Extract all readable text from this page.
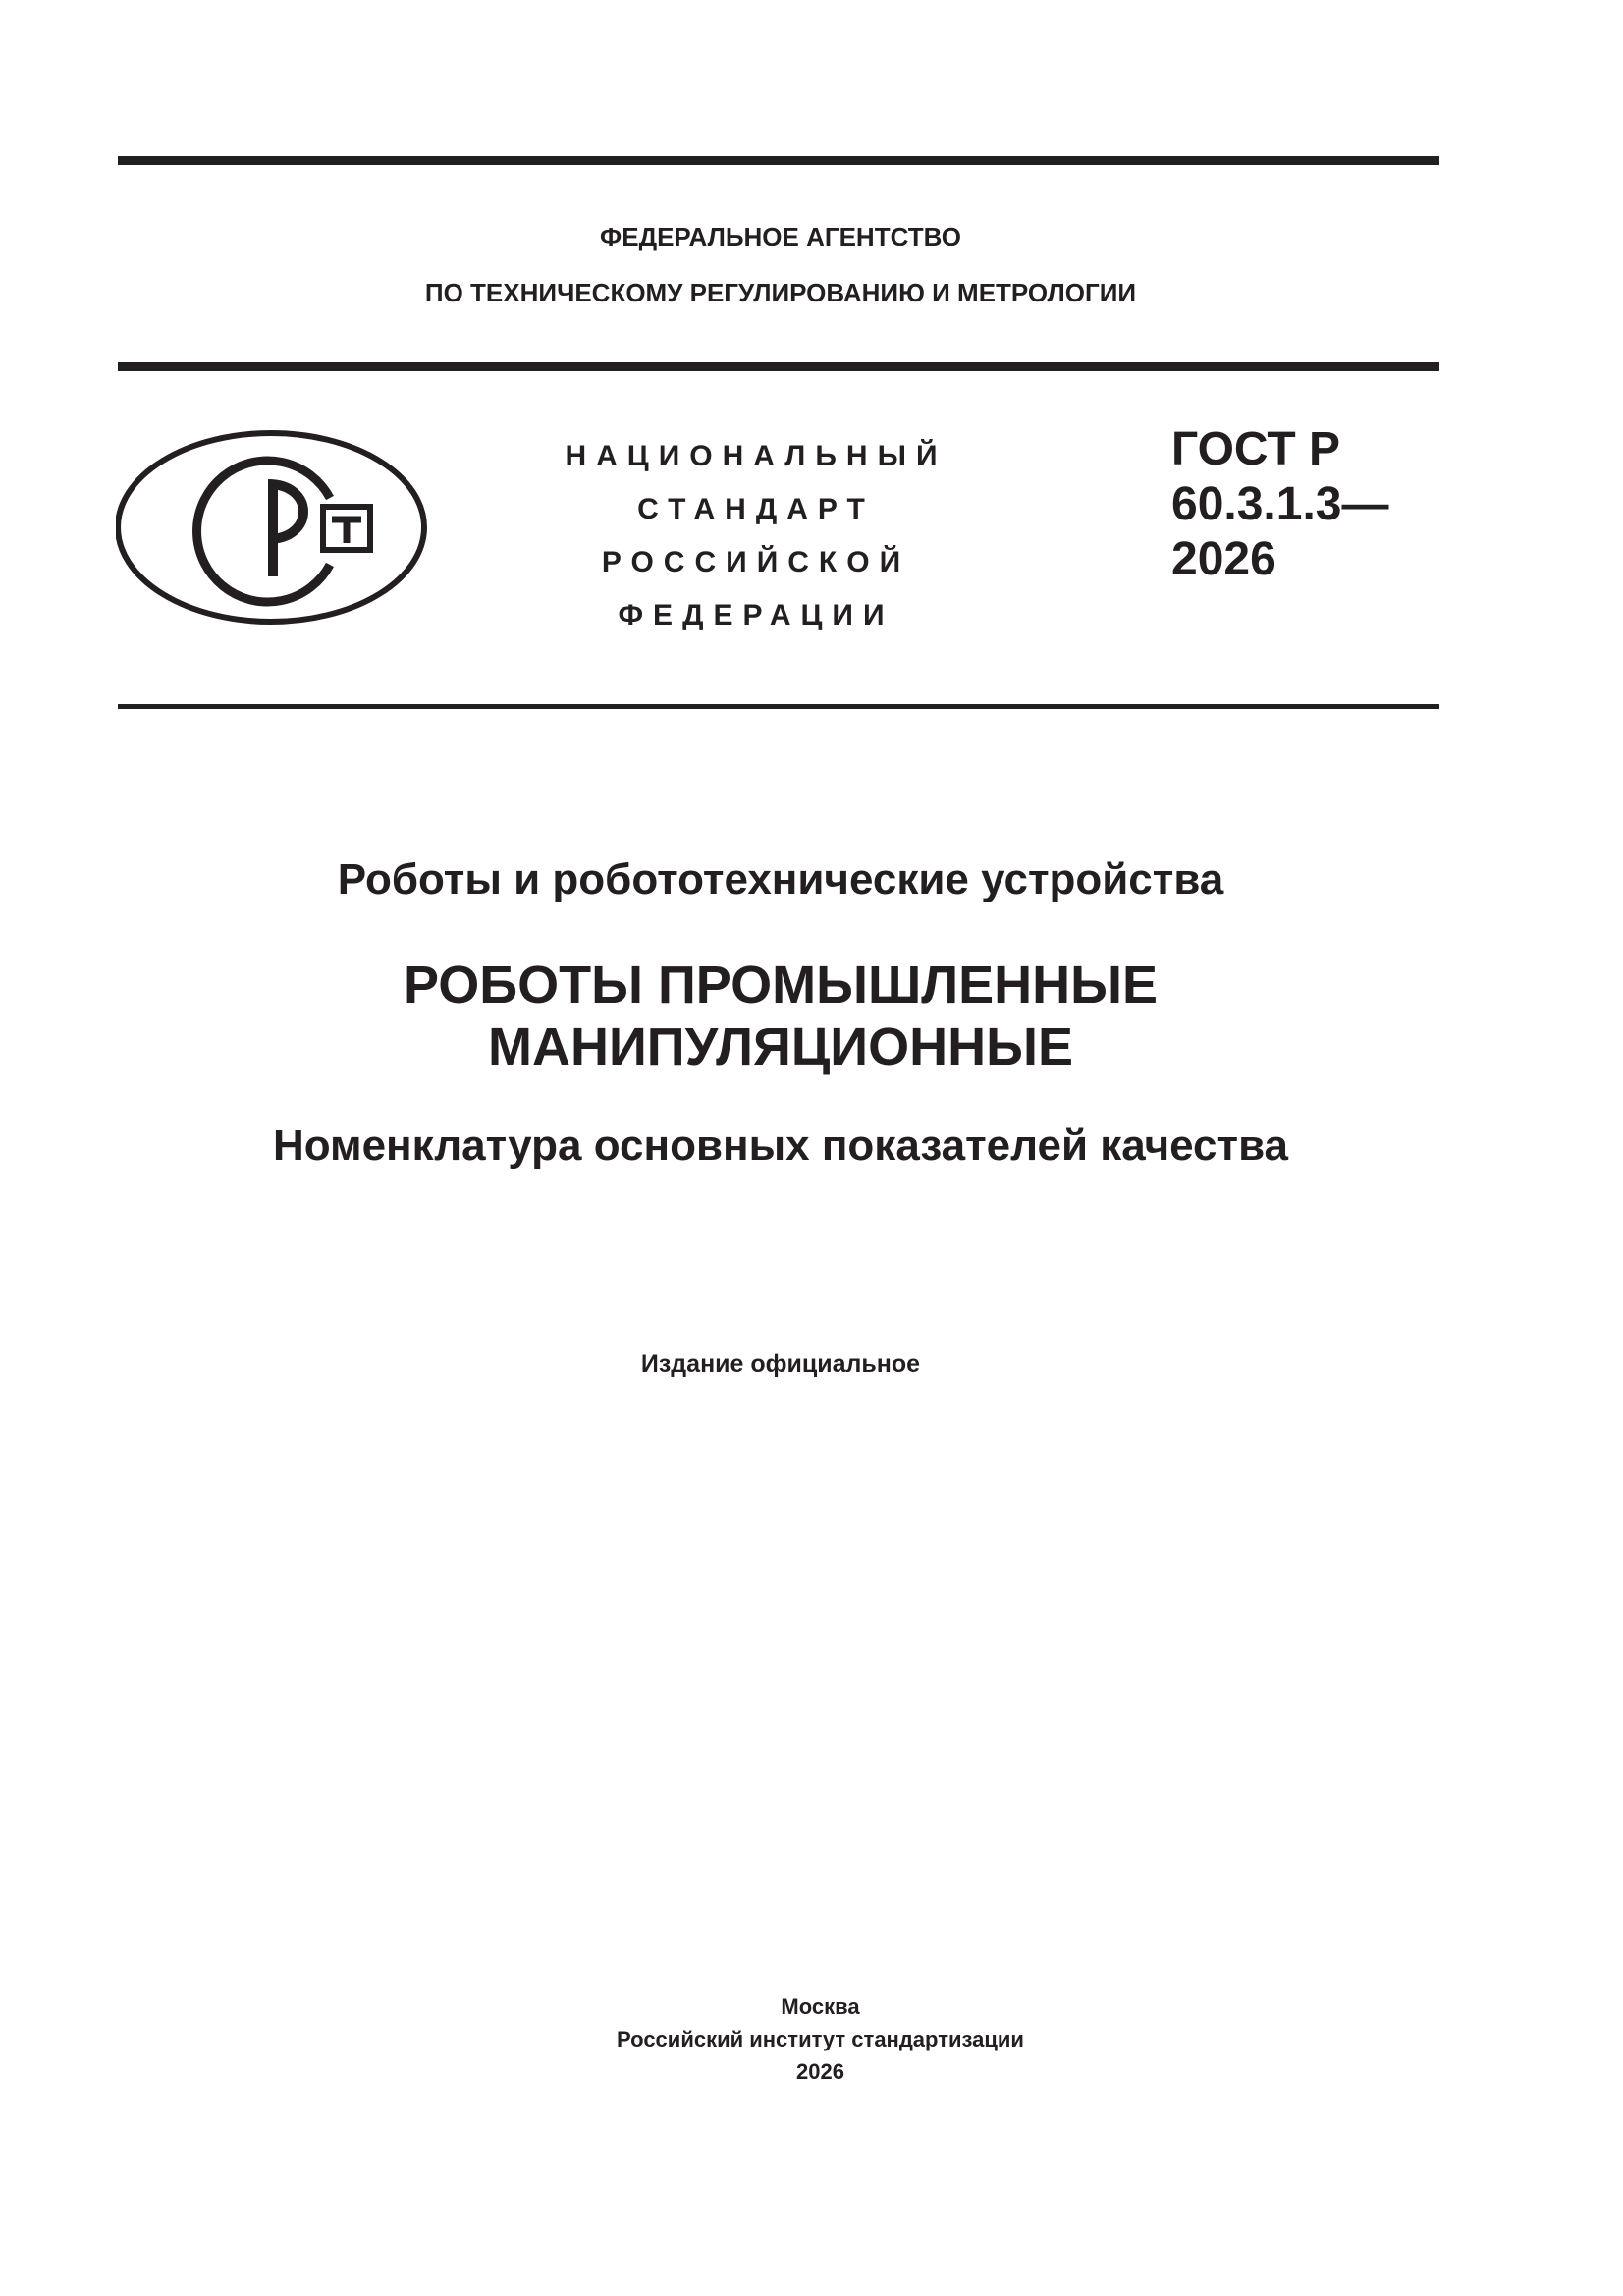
ФЕДЕРАЛЬНОЕ АГЕНТСТВО
ПО ТЕХНИЧЕСКОМУ РЕГУЛИРОВАНИЮ И МЕТРОЛОГИИ
НАЦИОНАЛЬНЫЙ
СТАНДАРТ
РОССИЙСКОЙ
ФЕДЕРАЦИИ
ГОСТ Р
60.3.1.3—
2026
Роботы и робототехнические устройства
РОБОТЫ ПРОМЫШЛЕННЫЕ
МАНИПУЛЯЦИОННЫЕ
Номенклатура основных показателей качества
Издание официальное
Москва
Российский институт стандартизации
2026
